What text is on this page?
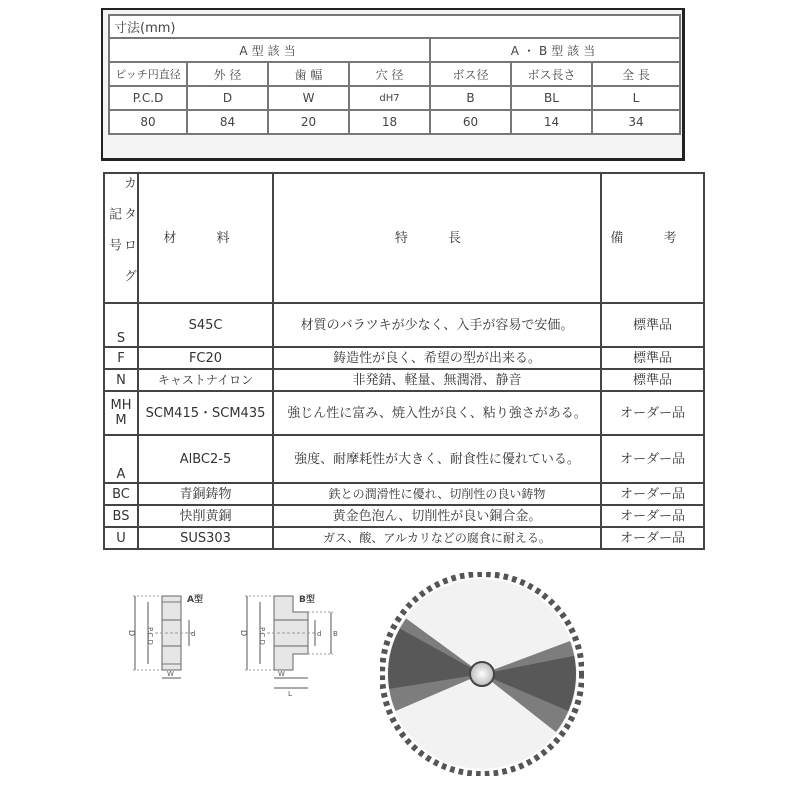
寸法(mm)						
A型該当				A・B型該当		
ピッチ円直径	外 径	歯 幅	穴 径	ボス径	ボス長さ	全 長
P.C.D	D	W	dH7	B	BL	L
80	84	20	18	60	14	34
カタログ記号	材 料	特 長	備 考
S	S45C	材質のバラツキが少なく、入手が容易で安価。	標準品
F	FC20	鋳造性が良く、希望の型が出来る。	標準品
N	キャストナイロン	非発錆、軽量、無潤滑、静音	標準品
MH M	SCM415・SCM435	強じん性に富み、焼入性が良く、粘り強さがある。	オーダー品
A	AlBC2-5	強度、耐摩耗性が大きく、耐食性に優れている。	オーダー品
BC	青銅鋳物	鉄との潤滑性に優れ、切削性の良い鋳物	オーダー品
BS	快削黄銅	黄金色泡ん、切削性が良い銅合金。	オーダー品
U	SUS303	ガス、酸、アルカリなどの腐食に耐える。	オーダー品
D P.C.D	d
W
A型
D P.C.D	d B
W
L
B型
